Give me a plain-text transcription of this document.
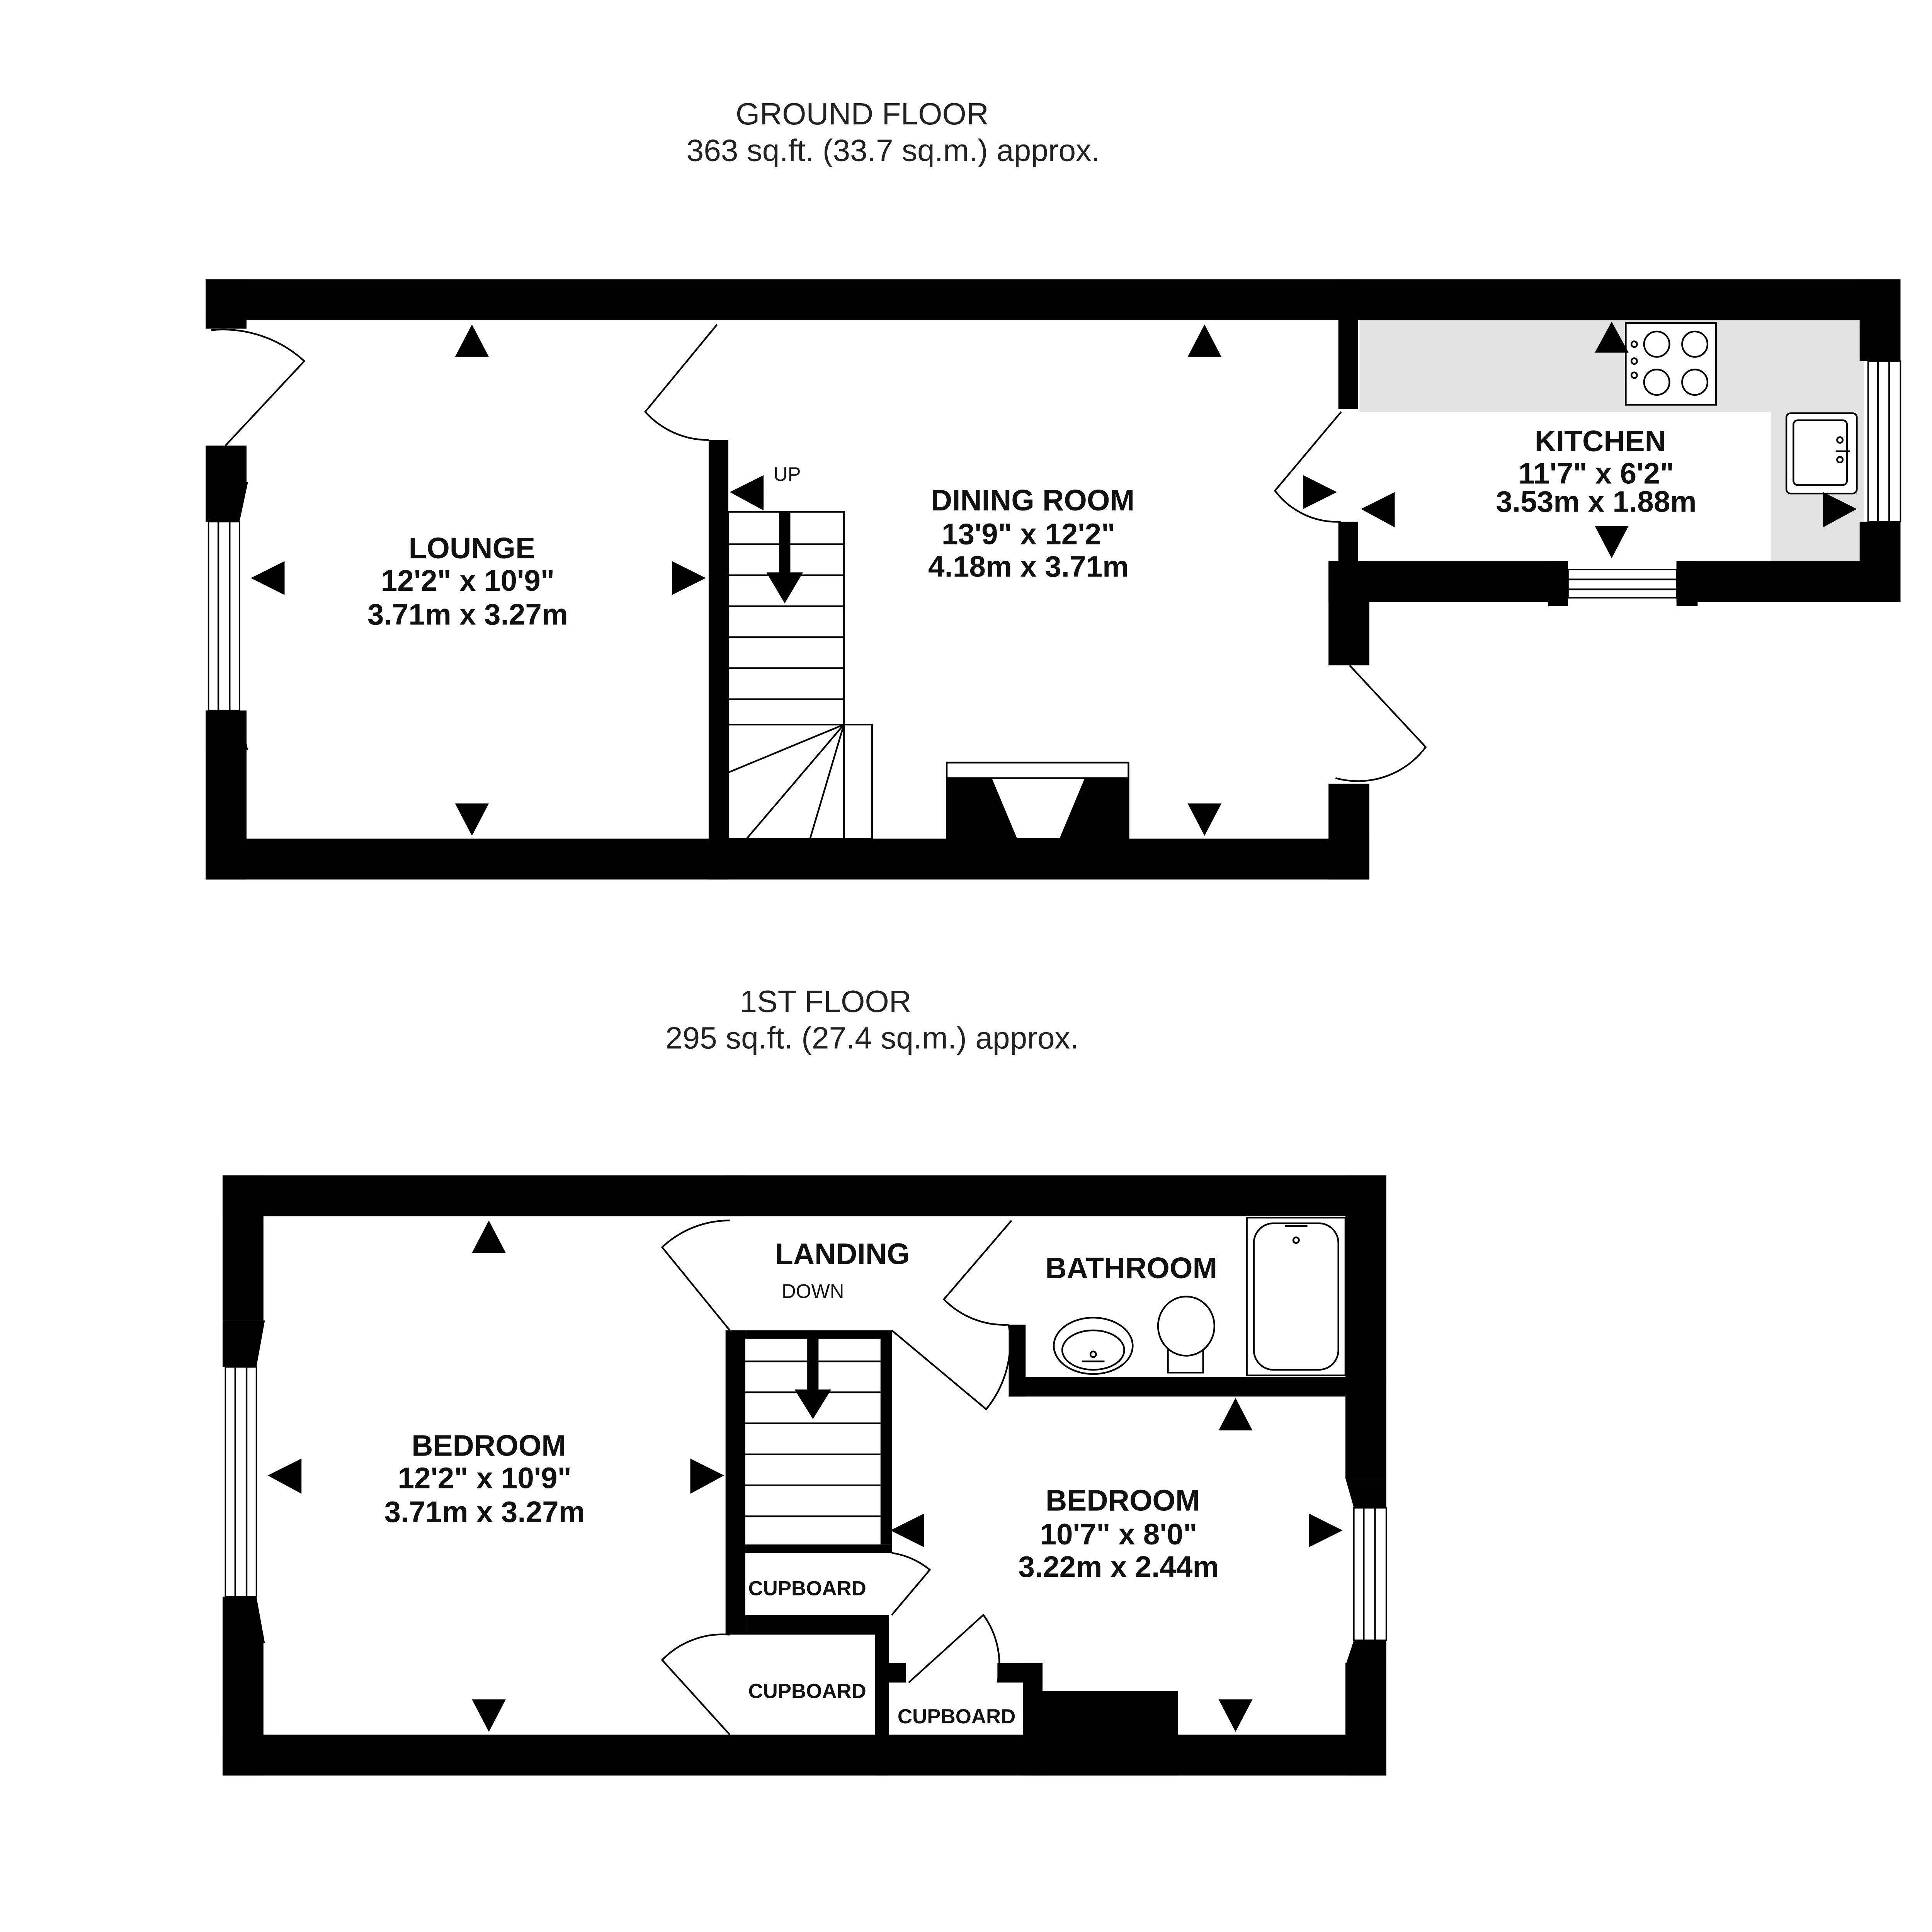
GROUND FLOOR
363 sq.ft. (33.7 sq.m.) approx.
UP
LOUNGE
12'2" x 10'9"
3.71m x 3.27m
DINING ROOM
13'9" x 12'2"
4.18m x 3.71m
KITCHEN
11'7" x 6'2"
3.53m x 1.88m
1ST FLOOR
295 sq.ft. (27.4 sq.m.) approx.
DOWN
BEDROOM
12'2" x 10'9"
3.71m x 3.27m	BEDROOM
10'7" x 8'0"
3.22m x 2.44m
LANDING	BATHROOM
CUPBOARD
CUPBOARD
CUPBOARD
